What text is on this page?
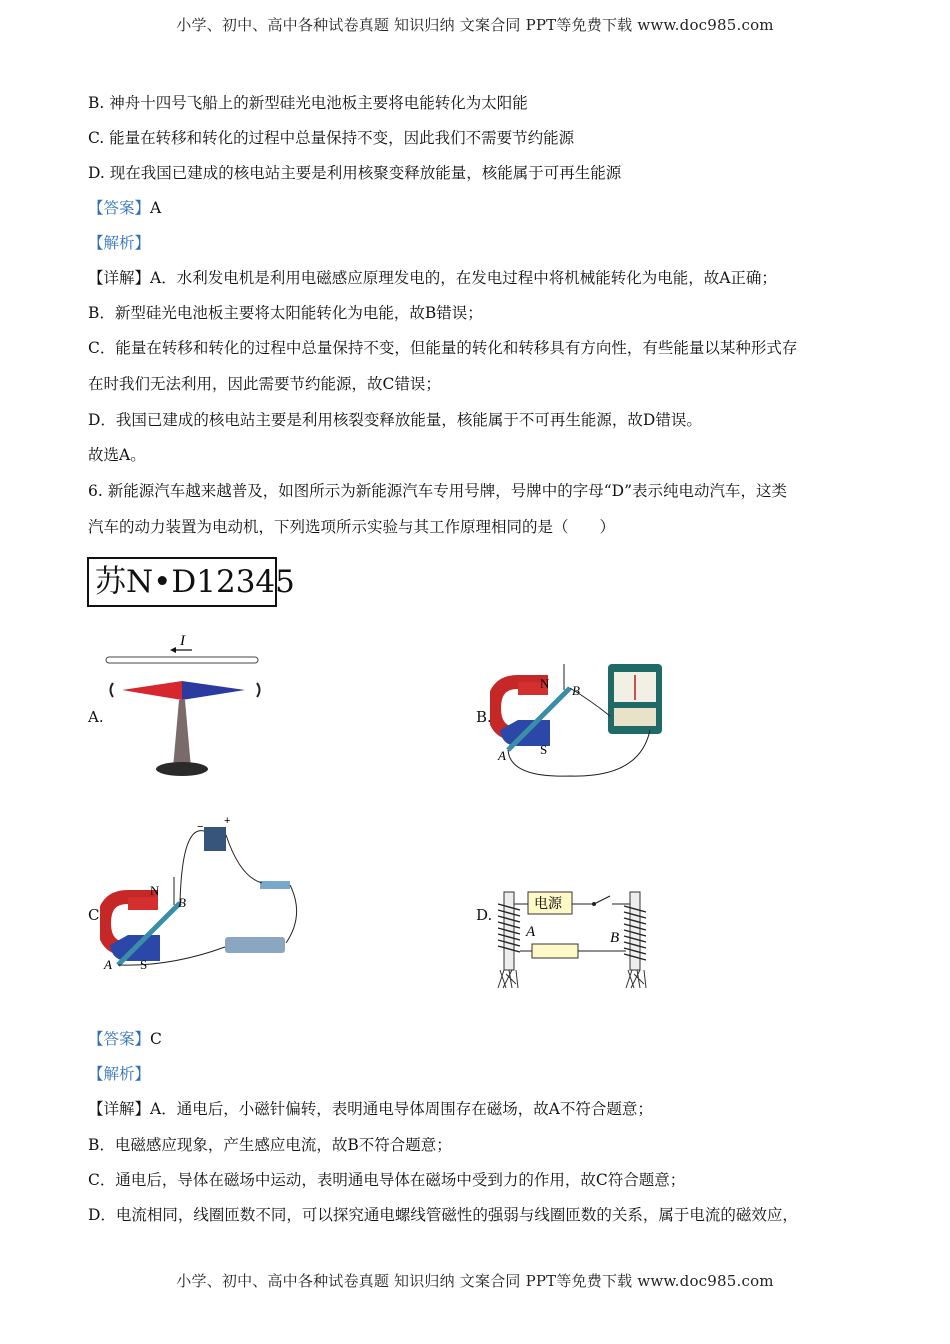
小学、初中、高中各种试卷真题 知识归纳 文案合同 PPT等免费下载 www.doc985.com
B. 神舟十四号飞船上的新型硅光电池板主要将电能转化为太阳能
C. 能量在转移和转化的过程中总量保持不变，因此我们不需要节约能源
D. 现在我国已建成的核电站主要是利用核聚变释放能量，核能属于可再生能源
【答案】A
【解析】
【详解】A．水利发电机是利用电磁感应原理发电的，在发电过程中将机械能转化为电能，故A正确；
B．新型硅光电池板主要将太阳能转化为电能，故B错误；
C．能量在转移和转化的过程中总量保持不变，但能量的转化和转移具有方向性，有些能量以某种形式存
在时我们无法利用，因此需要节约能源，故C错误；
D．我国已建成的核电站主要是利用核裂变释放能量，核能属于不可再生能源，故D错误。
故选A。
6. 新能源汽车越来越普及，如图所示为新能源汽车专用号牌，号牌中的字母“D”表示纯电动汽车，这类
汽车的动力装置为电动机，下列选项所示实验与其工作原理相同的是（　　）
苏N•D12345
A.
I
B.
N
S
B
A
C.
N
S
B
A
+
−
D.
电源
A	B
【答案】C
【解析】
【详解】A．通电后，小磁针偏转，表明通电导体周围存在磁场，故A不符合题意；
B．电磁感应现象，产生感应电流，故B不符合题意；
C．通电后，导体在磁场中运动，表明通电导体在磁场中受到力的作用，故C符合题意；
D．电流相同，线圈匝数不同，可以探究通电螺线管磁性的强弱与线圈匝数的关系，属于电流的磁效应，
小学、初中、高中各种试卷真题 知识归纳 文案合同 PPT等免费下载 www.doc985.com
